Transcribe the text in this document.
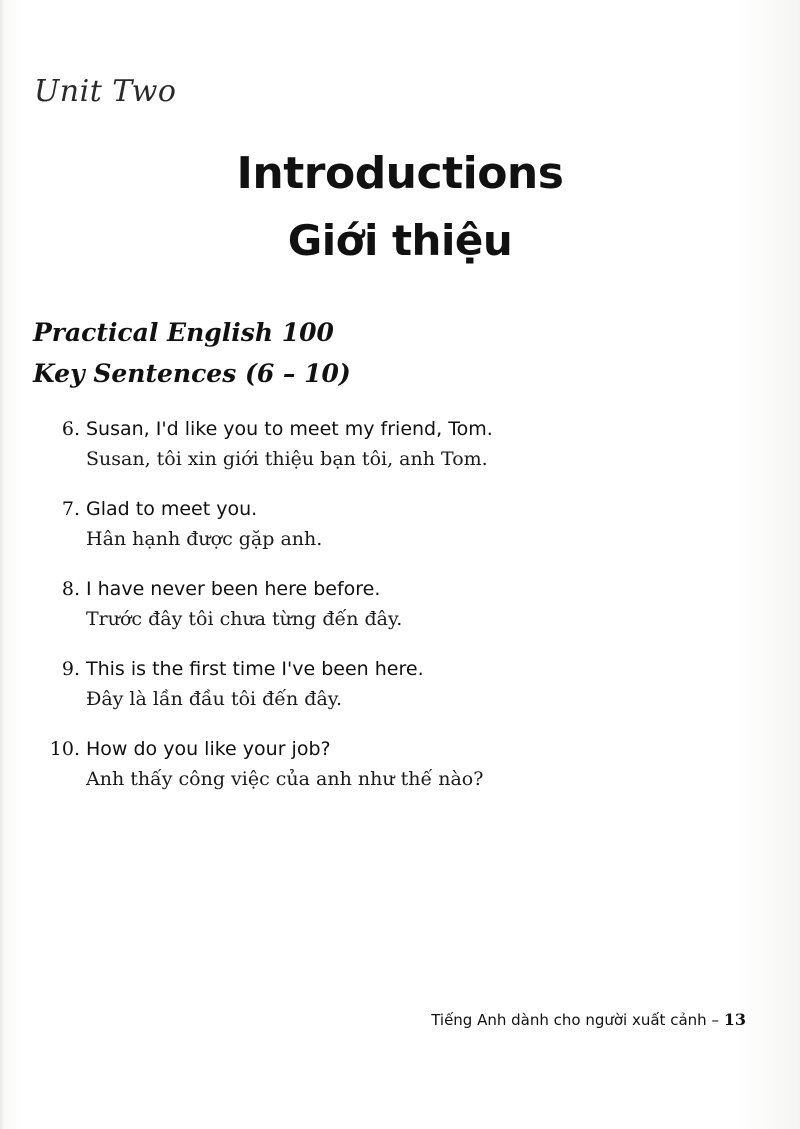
Unit Two
Introductions
Giới thiệu
Practical English 100
Key Sentences (6 – 10)
6. Susan, I'd like you to meet my friend, Tom.
Susan, tôi xin giới thiệu bạn tôi, anh Tom.
7. Glad to meet you.
Hân hạnh được gặp anh.
8. I have never been here before.
Trước đây tôi chưa từng đến đây.
9. This is the first time I've been here.
Đây là lần đầu tôi đến đây.
10. How do you like your job?
Anh thấy công việc của anh như thế nào?
Tiếng Anh dành cho người xuất cảnh – 13
